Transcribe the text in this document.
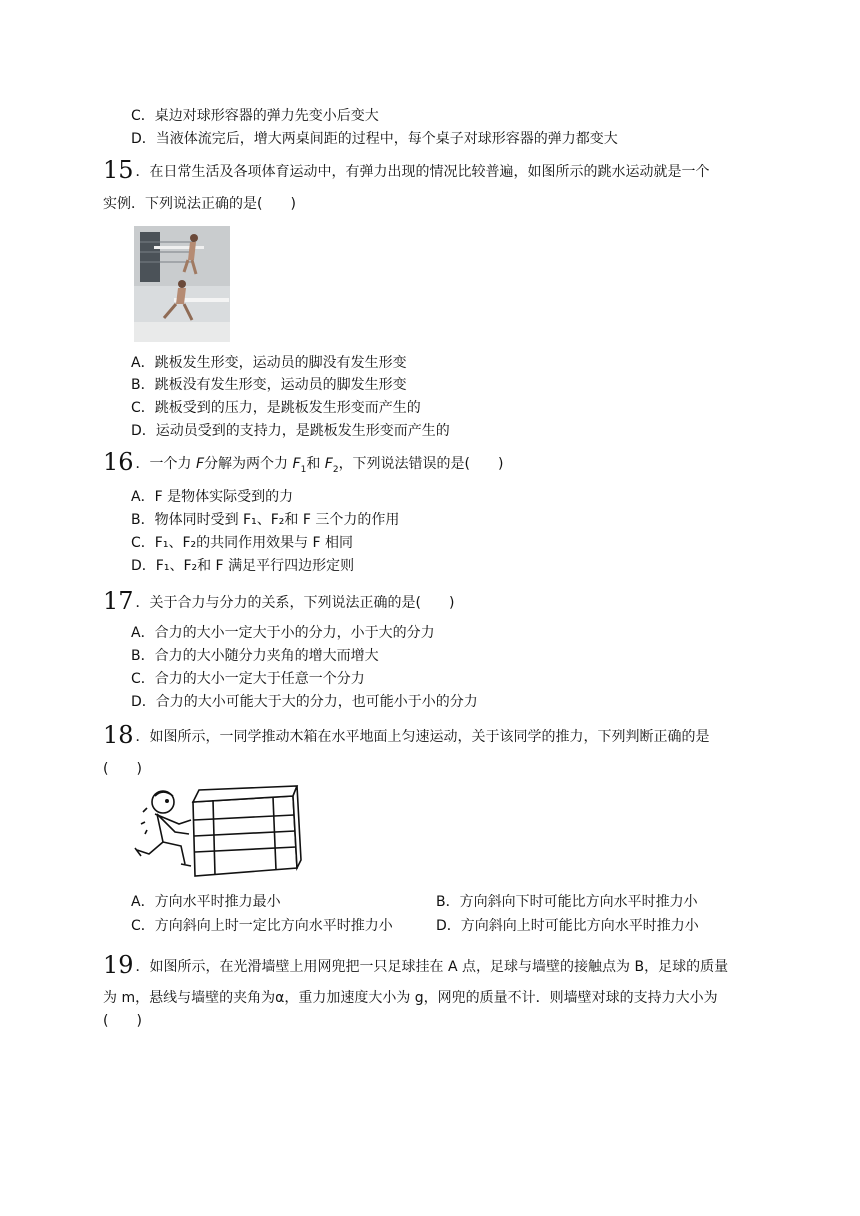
C．桌边对球形容器的弹力先变小后变大
D．当液体流完后，增大两桌间距的过程中，每个桌子对球形容器的弹力都变大
15 ．在日常生活及各项体育运动中，有弹力出现的情况比较普遍，如图所示的跳水运动就是一个
实例．下列说法正确的是(　　)
A．跳板发生形变，运动员的脚没有发生形变
B．跳板没有发生形变，运动员的脚发生形变
C．跳板受到的压力，是跳板发生形变而产生的
D．运动员受到的支持力，是跳板发生形变而产生的
16 ．一个力 F分解为两个力 $F_1$和 $F_2$，下列说法错误的是(　　)
A．F 是物体实际受到的力
B．物体同时受到 F₁、F₂和 F 三个力的作用
C．F₁、F₂的共同作用效果与 F 相同
D．F₁、F₂和 F 满足平行四边形定则
17 ．关于合力与分力的关系，下列说法正确的是(　　)
A．合力的大小一定大于小的分力，小于大的分力
B．合力的大小随分力夹角的增大而增大
C．合力的大小一定大于任意一个分力
D．合力的大小可能大于大的分力，也可能小于小的分力
18 ．如图所示，一同学推动木箱在水平地面上匀速运动，关于该同学的推力，下列判断正确的是
(　　)
A．方向水平时推力最小	B．方向斜向下时可能比方向水平时推力小
C．方向斜向上时一定比方向水平时推力小	D．方向斜向上时可能比方向水平时推力小
19 ．如图所示，在光滑墙壁上用网兜把一只足球挂在 A 点，足球与墙壁的接触点为 B，足球的质量
为 m，悬线与墙壁的夹角为α，重力加速度大小为 g，网兜的质量不计．则墙壁对球的支持力大小为
(　　)
